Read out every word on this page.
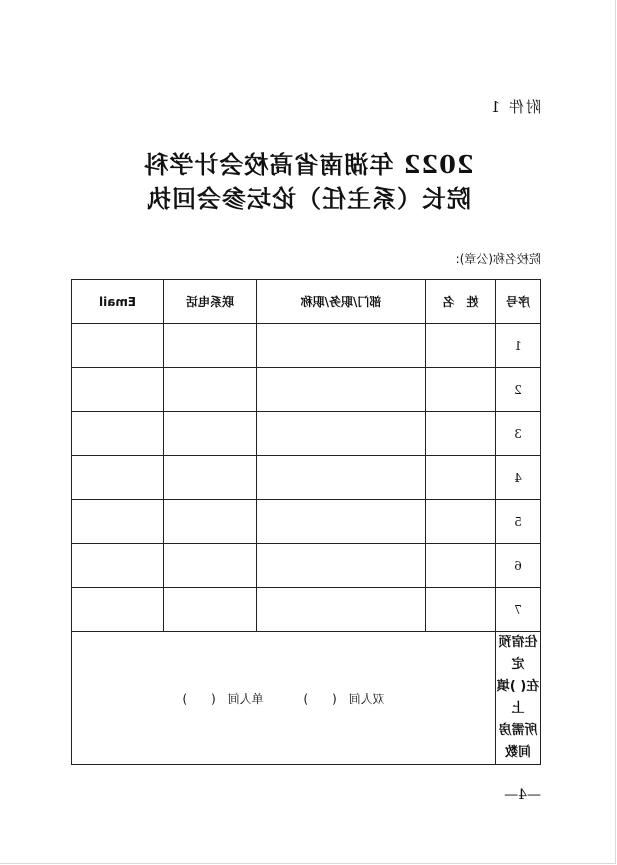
附件 1
2022 年湖南省高校会计学科
院长（系主任）论坛参会回执
院校名称(公章):
序号	姓　名	部门/职务/职称	联系电话	Email
1				
2				
3				
4				
5				
6				
7				

住宿预定
在( )填上
所需房间数	双人间 (　　) 单人间 (　　)			
—4—
